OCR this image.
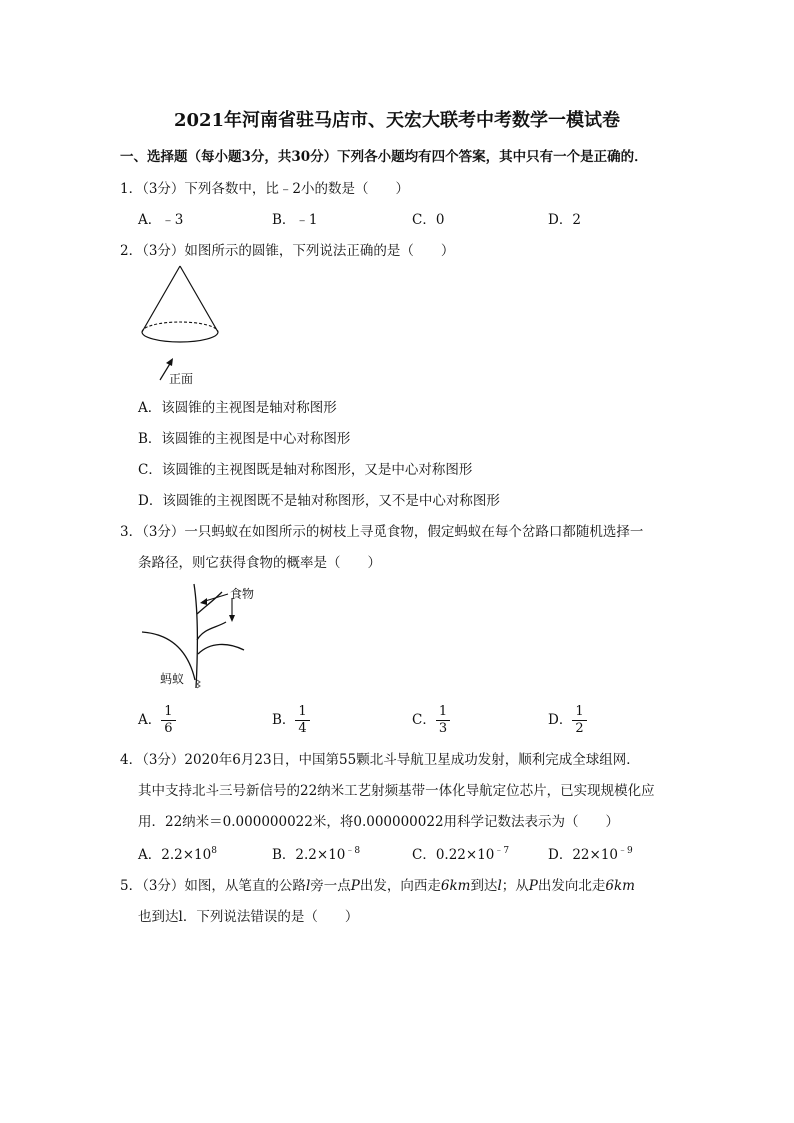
2021年河南省驻马店市、天宏大联考中考数学一模试卷
一、选择题（每小题3分，共30分）下列各小题均有四个答案，其中只有一个是正确的．
1．（3分）下列各数中，比﹣2小的数是（　　）
A．﹣3	B．﹣1	C．0	D．2
2．（3分）如图所示的圆锥，下列说法正确的是（　　）
正面
A．该圆锥的主视图是轴对称图形
B．该圆锥的主视图是中心对称图形
C．该圆锥的主视图既是轴对称图形，又是中心对称图形
D．该圆锥的主视图既不是轴对称图形，又不是中心对称图形
3．（3分）一只蚂蚁在如图所示的树枝上寻觅食物，假定蚂蚁在每个岔路口都随机选择一
条路径，则它获得食物的概率是（　　）
食物
蚂蚁
A． $\frac{1}{6}$	B． $\frac{1}{4}$	C． $\frac{1}{3}$	D． $\frac{1}{2}$
4．（3分）2020年6月23日，中国第55颗北斗导航卫星成功发射，顺利完成全球组网．
其中支持北斗三号新信号的22纳米工艺射频基带一体化导航定位芯片，已实现规模化应
用．22纳米＝0.000000022米，将0.000000022用科学记数法表示为（　　）
A．$2.2\times 10^8$	B．$2.2\times 10^{﹣8}$	C．$0.22\times 10^{﹣7}$	D．$22\times 10^{﹣9}$
5．（3分）如图，从笔直的公路l旁一点P出发，向西走6km到达l；从P出发向北走6km
也到达l．下列说法错误的是（　　）
